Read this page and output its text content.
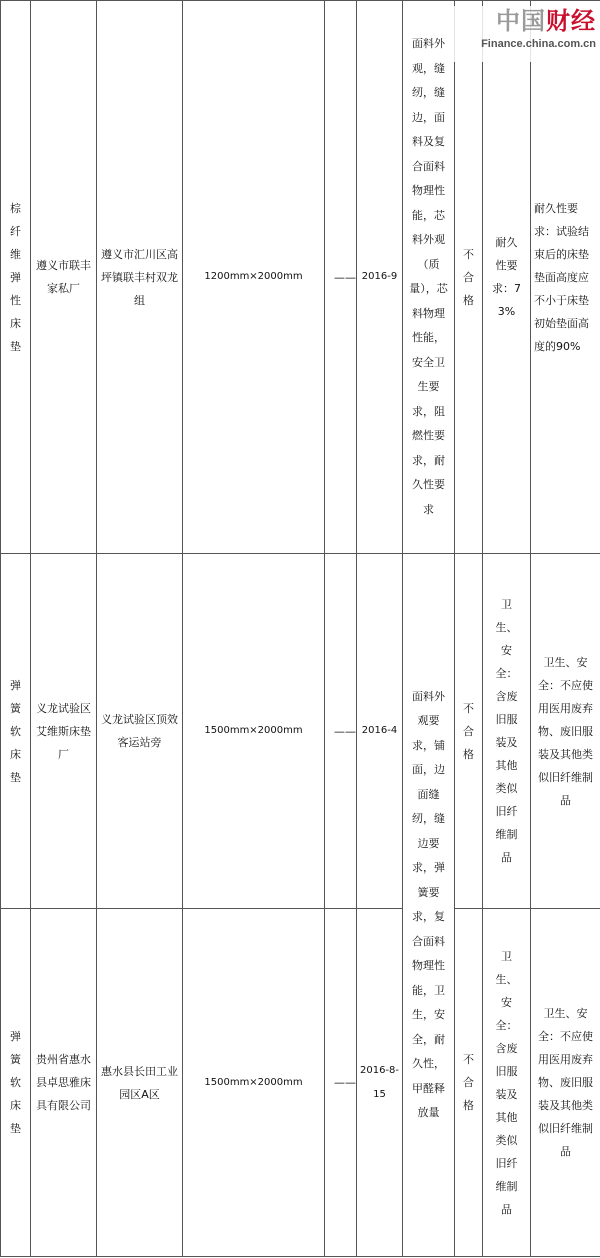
棕纤维弹性床垫	遵义市联丰家私厂	遵义市汇川区高坪镇联丰村双龙组	1200mm×2000mm	——	2016-9	面料外观，缝纫，缝边，面料及复合面料物理性能，芯料外观（质量），芯料物理性能，安全卫生要求，阻燃性要求，耐久性要求	不合格	耐久性要求：73%	耐久性要求：试验结束后的床垫垫面高度应不小于床垫初始垫面高度的90%
弹簧软床垫	义龙试验区艾维斯床垫厂	义龙试验区顶效客运站旁	1500mm×2000mm	——	2016-4	面料外观要求，铺面，边面缝纫，缝边要求，弹簧要求，复合面料物理性能，卫生，安全，耐久性，甲醛释放量	不合格	卫生、安全：含废旧服装及其他类似旧纤维制品	卫生、安全：不应使用医用废弃物、废旧服装及其他类似旧纤维制品
弹簧软床垫	贵州省惠水县卓思雅床具有限公司	惠水县长田工业园区A区	1500mm×2000mm	——	2016-8-15		不合格	卫生、安全：含废旧服装及其他类似旧纤维制品	卫生、安全：不应使用医用废弃物、废旧服装及其他类似旧纤维制品
中国财经
Finance.china.com.cn
